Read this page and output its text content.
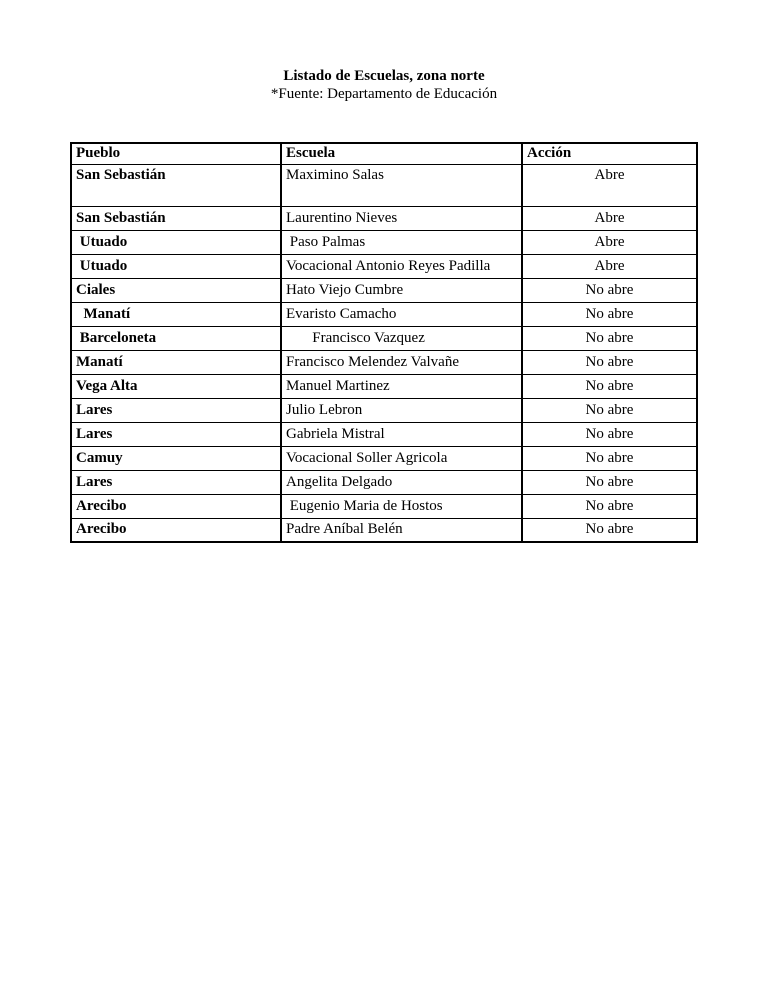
Listado de Escuelas, zona norte
*Fuente: Departamento de Educación
Pueblo	Escuela	Acción
San Sebastián	Maximino Salas	Abre
San Sebastián	Laurentino Nieves	Abre
Utuado	Paso Palmas	Abre
Utuado	Vocacional Antonio Reyes Padilla	Abre
Ciales	Hato Viejo Cumbre	No abre
Manatí	Evaristo Camacho	No abre
Barceloneta	Francisco Vazquez	No abre
Manatí	Francisco Melendez Valvañe	No abre
Vega Alta	Manuel Martinez	No abre
Lares	Julio Lebron	No abre
Lares	Gabriela Mistral	No abre
Camuy	Vocacional Soller Agricola	No abre
Lares	Angelita Delgado	No abre
Arecibo	Eugenio Maria de Hostos	No abre
Arecibo	Padre Aníbal Belén	No abre
